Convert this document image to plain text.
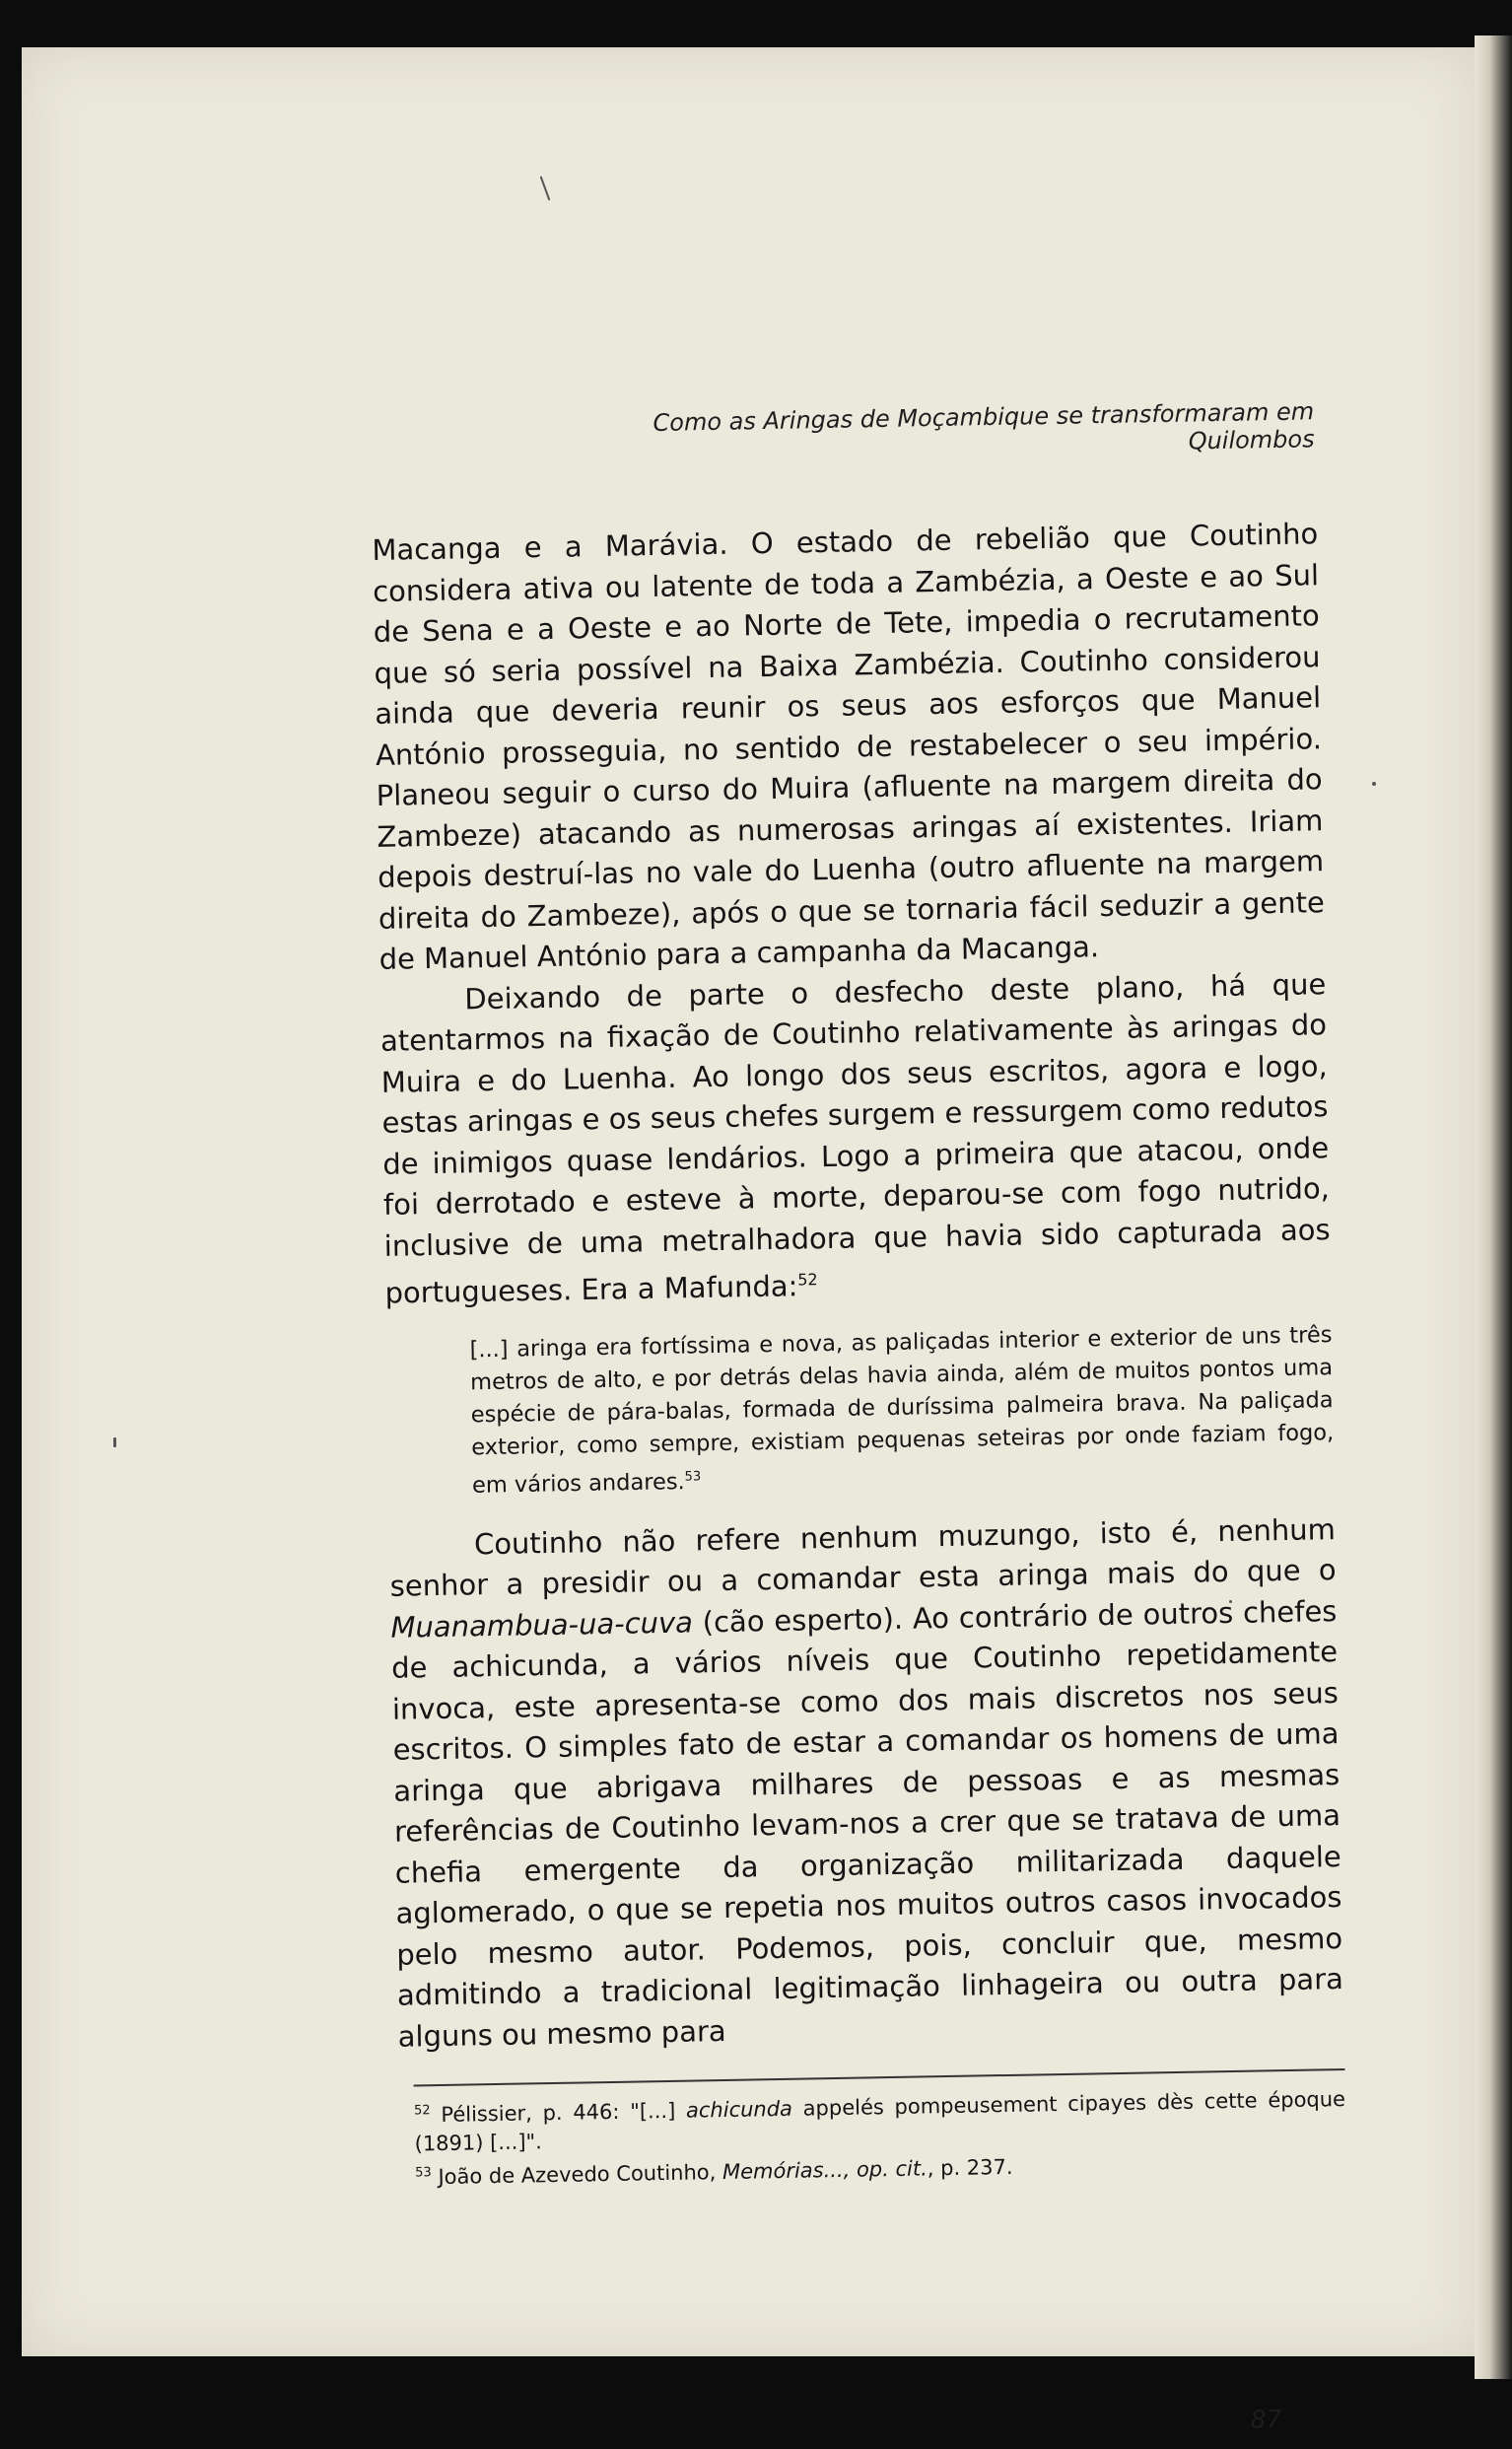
Como as Aringas de Moçambique se transformaram em Quilombos

Macanga e a Marávia. O estado de rebelião que Coutinho considera ativa ou latente de toda a Zambézia, a Oeste e ao Sul de Sena e a Oeste e ao Norte de Tete, impedia o recrutamento que só seria possível na Baixa Zambézia. Coutinho considerou ainda que deveria reunir os seus aos esforços que Manuel António prosseguia, no sentido de restabelecer o seu império. Planeou seguir o curso do Muira (afluente na margem direita do Zambeze) atacando as numerosas aringas aí existentes. Iriam depois destruí-las no vale do Luenha (outro afluente na margem direita do Zambeze), após o que se tornaria fácil seduzir a gente de Manuel António para a campanha da Macanga.

Deixando de parte o desfecho deste plano, há que atentarmos na fixação de Coutinho relativamente às aringas do Muira e do Luenha. Ao longo dos seus escritos, agora e logo, estas aringas e os seus chefes surgem e ressurgem como redutos de inimigos quase lendários. Logo a primeira que atacou, onde foi derrotado e esteve à morte, deparou-se com fogo nutrido, inclusive de uma metralhadora que havia sido capturada aos portugueses. Era a Mafunda:$^{52}$

[...] aringa era fortíssima e nova, as paliçadas interior e exterior de uns três metros de alto, e por detrás delas havia ainda, além de muitos pontos uma espécie de pára-balas, formada de duríssima palmeira brava. Na paliçada exterior, como sempre, existiam pequenas seteiras por onde faziam fogo, em vários andares.$^{53}$

Coutinho não refere nenhum muzungo, isto é, nenhum senhor a presidir ou a comandar esta aringa mais do que o Muanambua-ua-cuva (cão esperto). Ao contrário de outros chefes de achicunda, a vários níveis que Coutinho repetidamente invoca, este apresenta-se como dos mais discretos nos seus escritos. O simples fato de estar a comandar os homens de uma aringa que abrigava milhares de pessoas e as mesmas referências de Coutinho levam-nos a crer que se tratava de uma chefia emergente da organização militarizada daquele aglomerado, o que se repetia nos muitos outros casos invocados pelo mesmo autor. Podemos, pois, concluir que, mesmo admitindo a tradicional legitimação linhageira ou outra para alguns ou mesmo para

$^{52}$ Pélissier, p. 446: "[...] achicunda appelés pompeusement cipayes dès cette époque (1891) [...]".

$^{53}$ João de Azevedo Coutinho, Memórias..., op. cit., p. 237.

87
